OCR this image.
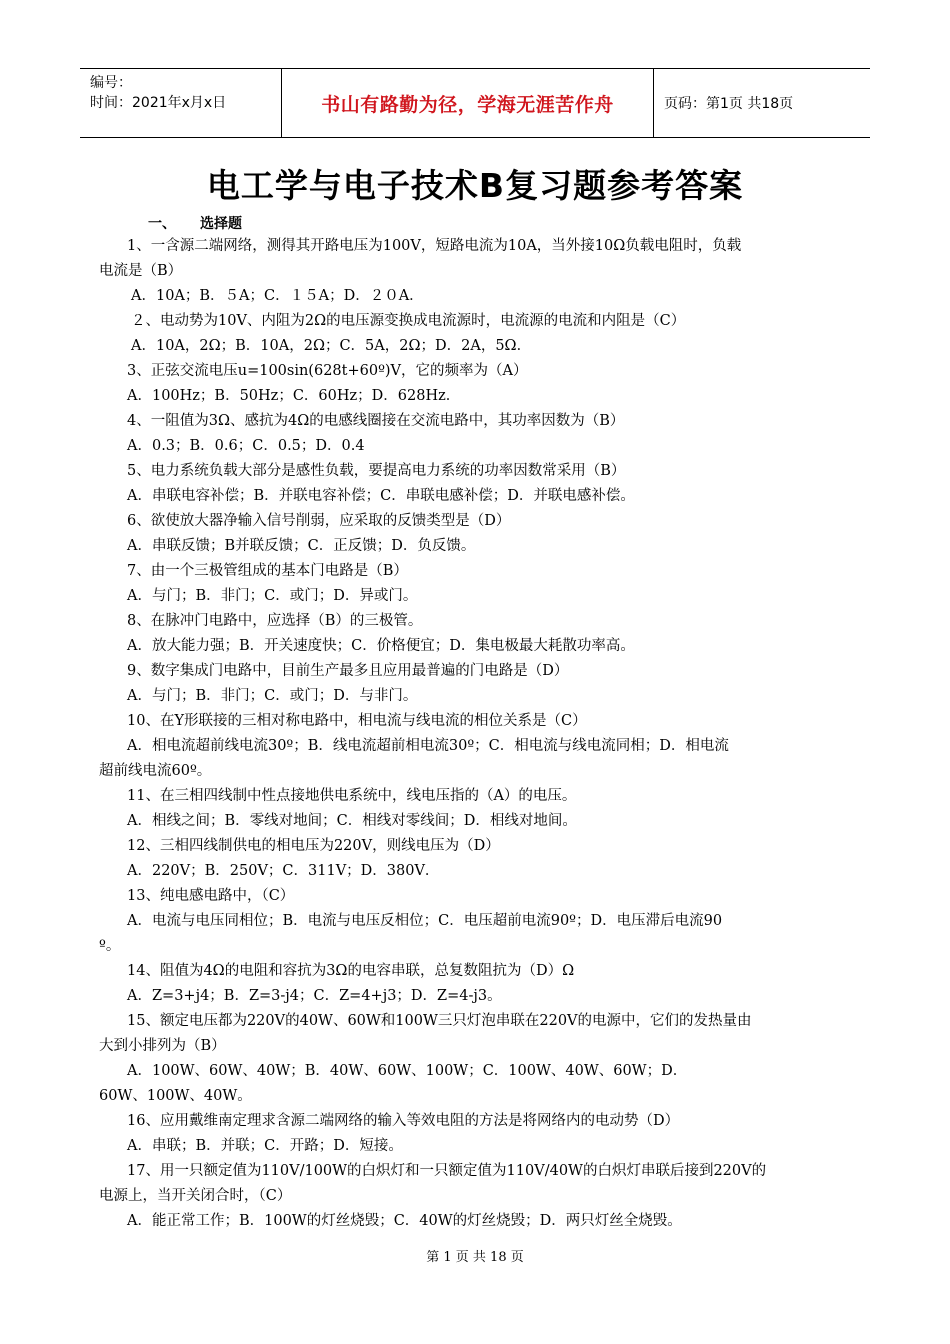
编号：
时间：2021年x月x日	书山有路勤为径，学海无涯苦作舟	页码：第1页 共18页
电工学与电子技术B复习题参考答案
一、 选择题
1、一含源二端网络，测得其开路电压为100V，短路电流为10A，当外接10Ω负载电阻时，负载
电流是（B）
A．10A；B．５A；C．１５A；D．２０A．
２、电动势为10V、内阻为2Ω的电压源变换成电流源时，电流源的电流和内阻是（C）
A．10A，2Ω；B．10A，2Ω；C．5A，2Ω；D．2A，5Ω．
3、正弦交流电压u=100sin(628t+60º)V，它的频率为（A）
A．100Hz；B．50Hz；C．60Hz；D．628Hz．
4、一阻值为3Ω、感抗为4Ω的电感线圈接在交流电路中，其功率因数为（B）
A．0.3；B．0.6；C．0.5；D．0.4
5、电力系统负载大部分是感性负载，要提高电力系统的功率因数常采用（B）
A．串联电容补偿；B．并联电容补偿；C．串联电感补偿；D．并联电感补偿。
6、欲使放大器净输入信号削弱，应采取的反馈类型是（D）
A．串联反馈；B并联反馈；C．正反馈；D．负反馈。
7、由一个三极管组成的基本门电路是（B）
A．与门；B．非门；C．或门；D．异或门。
8、在脉冲门电路中，应选择（B）的三极管。
A．放大能力强；B．开关速度快；C．价格便宜；D．集电极最大耗散功率高。
9、数字集成门电路中，目前生产最多且应用最普遍的门电路是（D）
A．与门；B．非门；C．或门；D．与非门。
10、在Y形联接的三相对称电路中，相电流与线电流的相位关系是（C）
A．相电流超前线电流30º；B．线电流超前相电流30º；C．相电流与线电流同相；D．相电流
超前线电流60º。
11、在三相四线制中性点接地供电系统中，线电压指的（A）的电压。
A．相线之间；B．零线对地间；C．相线对零线间；D．相线对地间。
12、三相四线制供电的相电压为220V，则线电压为（D）
A．220V；B．250V；C．311V；D．380V．
13、纯电感电路中，（C）
A．电流与电压同相位；B．电流与电压反相位；C．电压超前电流90º；D．电压滞后电流90
º。
14、阻值为4Ω的电阻和容抗为3Ω的电容串联，总复数阻抗为（D）Ω
A．Z=3+j4；B．Z=3-j4；C．Z=4+j3；D．Z=4-j3。
15、额定电压都为220V的40W、60W和100W三只灯泡串联在220V的电源中，它们的发热量由
大到小排列为（B）
A．100W、60W、40W；B．40W、60W、100W；C．100W、40W、60W；D．
60W、100W、40W。
16、应用戴维南定理求含源二端网络的输入等效电阻的方法是将网络内的电动势（D）
A．串联；B．并联；C．开路；D．短接。
17、用一只额定值为110V/100W的白炽灯和一只额定值为110V/40W的白炽灯串联后接到220V的
电源上，当开关闭合时，（C）
A．能正常工作；B．100W的灯丝烧毁；C．40W的灯丝烧毁；D．两只灯丝全烧毁。
第 1 页 共 18 页
